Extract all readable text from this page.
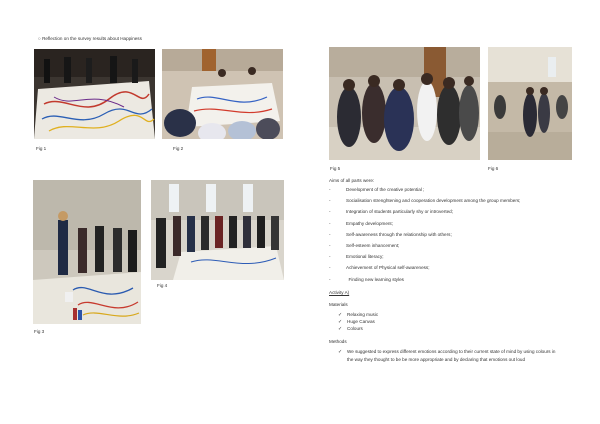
○ Reflection on the survey results about Happiness
Fig 1	Fig 2
Fig 3
Fig 4
Fig 5	Fig 6
Aims of all parts were:
-	Development of the creative potential ;
-	Socialisation strenghtening and cooperation development among the group members;
-	Integration of students particularly shy or introverted;
-	Empathy development;
-	Self-awareness through the relationship with others;
-	Self-esteem inhancement;
-	Emotional literacy;
-	Achievement of Physical self-awareness;
-	Finding new learning styles
Activity A)
Materials
✓ Relaxing music
✓ Huge Canvas
✓ Colours
Methods
✓ We suggested to express different emotions according to their current state of mind by using colours in
the way they thought to be be more appropriate and by declaring that emotions out loud
